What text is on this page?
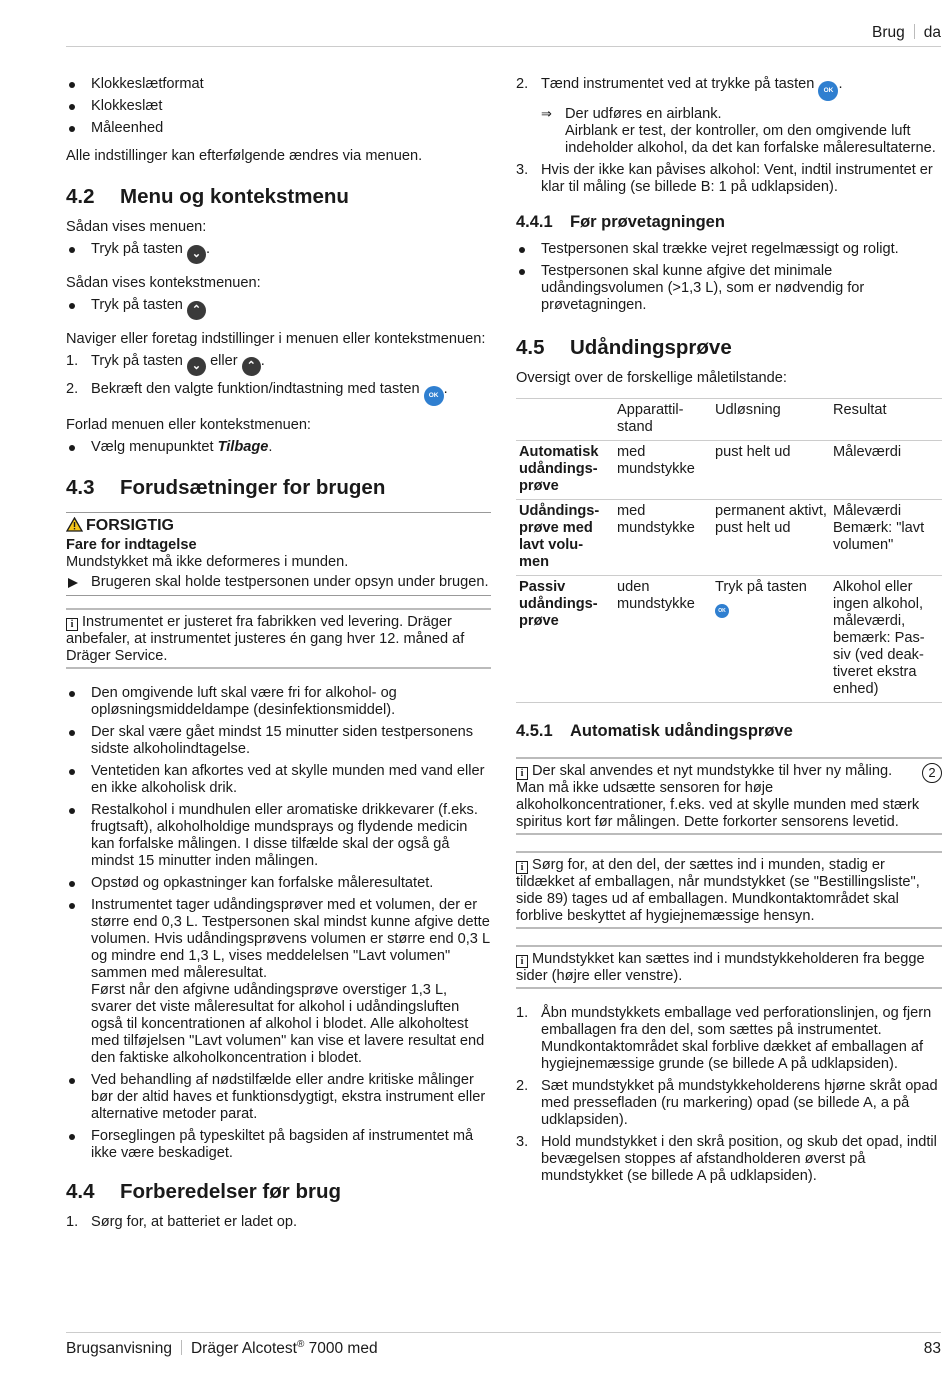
Brug da
Klokkeslætformat
Klokkeslæt
Måleenhed

Alle indstillinger kan efterfølgende ændres via menuen.

4.2 Menu og kontekstmenu

Sådan vises menuen:

Tryk på tasten ⌄ .

Sådan vises kontekstmenuen:

Tryk på tasten ⌃

Naviger eller foretag indstillinger i menuen eller kontekstmenuen:

1. Tryk på tasten ⌄ eller ⌃ .
2. Bekræft den valgte funktion/indtastning med tasten OK .

Forlad menuen eller kontekstmenuen:

Vælg menupunktet Tilbage.
4.3 Forudsætninger for brugen
FORSIGTIG
Fare for indtagelse
Mundstykket må ikke deformeres i munden.
Brugeren skal holde testpersonen under opsyn under brugen.
i Instrumentet er justeret fra fabrikken ved levering. Dräger anbefaler, at instrumentet justeres én gang hver 12. måned af Dräger Service.
Den omgivende luft skal være fri for alkohol- og opløsningsmiddeldampe (desinfektionsmiddel).
Der skal være gået mindst 15 minutter siden testpersonens sidste alkoholindtagelse.
Ventetiden kan afkortes ved at skylle munden med vand eller en ikke alkoholisk drik.
Restalkohol i mundhulen eller aromatiske drikkevarer (f.eks. frugtsaft), alkoholholdige mundsprays og flydende medicin kan forfalske målingen. I disse tilfælde skal der også gå mindst 15 minutter inden målingen.
Opstød og opkastninger kan forfalske måleresultatet.
Instrumentet tager udåndingsprøver med et volumen, der er større end 0,3 L. Testpersonen skal mindst kunne afgive dette volumen. Hvis udåndingsprøvens volumen er større end 0,3 L og mindre end 1,3 L, vises meddelelsen "Lavt volumen" sammen med måleresultat.
Først når den afgivne udåndingsprøve overstiger 1,3 L, svarer det viste måleresultat for alkohol i udåndingsluften også til koncentrationen af alkohol i blodet. Alle alkoholtest med tilføjelsen "Lavt volumen" kan vise et lavere resultat end den faktiske alkoholkoncentration i blodet.
Ved behandling af nødstilfælde eller andre kritiske målinger bør der altid haves et funktionsdygtigt, ekstra instrument eller alternative metoder parat.
Forseglingen på typeskiltet på bagsiden af instrumentet må ikke være beskadiget.
4.4 Forberedelser før brug
1. Sørg for, at batteriet er ladet op.
2. Tænd instrumentet ved at trykke på tasten OK .
⇒ Der udføres en airblank.
Airblank er test, der kontroller, om den omgivende luft indeholder alkohol, da det kan forfalske måleresultaterne.
3. Hvis der ikke kan påvises alkohol: Vent, indtil instrumentet er klar til måling (se billede B: 1 på udklapsiden).
4.4.1 Før prøvetagningen
Testpersonen skal trække vejret regelmæssigt og roligt.
Testpersonen skal kunne afgive det minimale udåndingsvolumen (>1,3 L), som er nødvendig for prøvetagningen.
4.5 Udåndingsprøve

Oversigt over de forskellige måletilstande:

	Apparattil-
stand	Udløsning	Resultat
Automatisk udåndings-
prøve	med mundstykke	pust helt ud	Måleværdi
Udåndings-
prøve med lavt volu-
men	med mundstykke	permanent aktivt,
pust helt ud	Måleværdi
Bemærk: "lavt volumen"
Passiv udåndings-
prøve	uden mundstykke	Tryk på tasten
OK	Alkohol eller ingen alkohol, måleværdi, bemærk: Pas-
siv (ved deak-
tiveret ekstra enhed)
4.5.1 Automatisk udåndingsprøve
2
i Der skal anvendes et nyt mundstykke til hver ny måling. Man må ikke udsætte sensoren for høje alkoholkoncentrationer, f.eks. ved at skylle munden med stærk spiritus kort før målingen. Dette forkorter sensorens levetid.
i Sørg for, at den del, der sættes ind i munden, stadig er tildækket af emballagen, når mundstykket (se "Bestillingsliste", side 89) tages ud af emballagen. Mundkontaktområdet skal forblive beskyttet af hygiejnemæssige hensyn.
i Mundstykket kan sættes ind i mundstykkeholderen fra begge sider (højre eller venstre).
1. Åbn mundstykkets emballage ved perforationslinjen, og fjern emballagen fra den del, som sættes på instrumentet. Mundkontaktområdet skal forblive dækket af emballagen af hygiejnemæssige grunde (se billede A på udklapsiden).
2. Sæt mundstykket på mundstykkeholderens hjørne skråt opad med pressefladen (ru markering) opad (se billede A, a på udklapsiden).
3. Hold mundstykket i den skrå position, og skub det opad, indtil bevægelsen stoppes af afstandholderen øverst på mundstykket (se billede A på udklapsiden).
Brugsanvisning Dräger Alcotest® 7000 med	83
